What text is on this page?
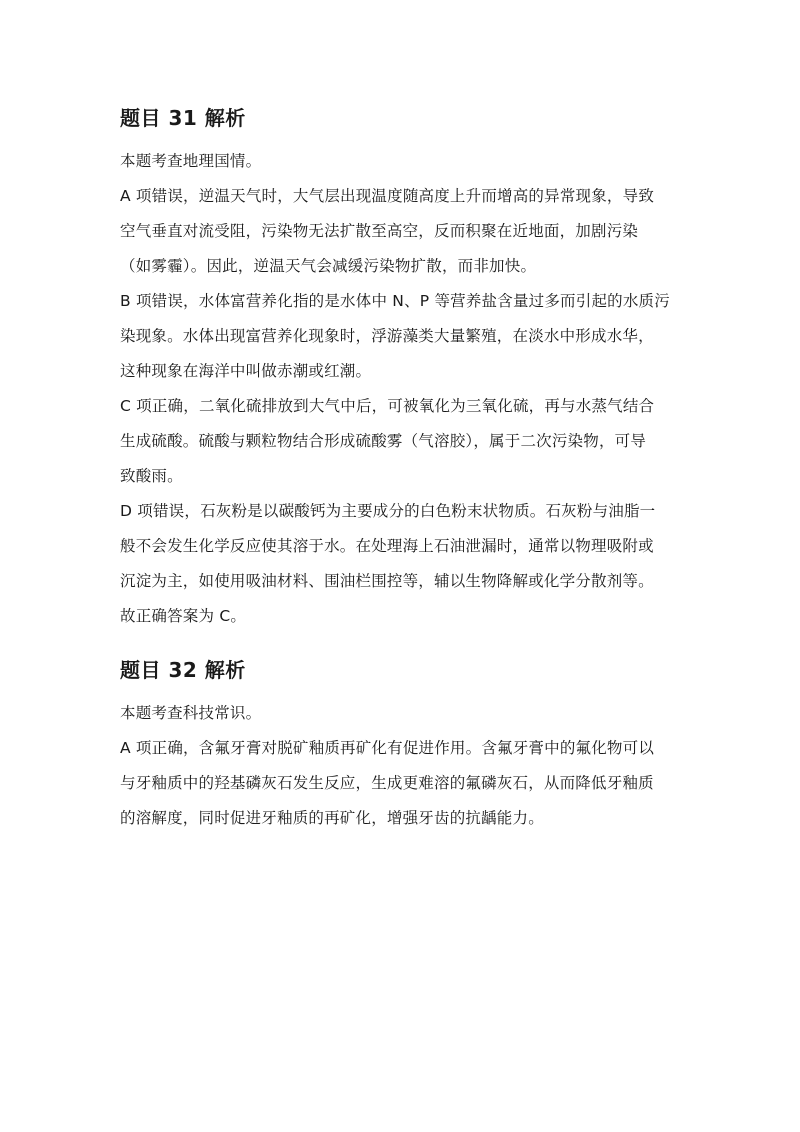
题目 31 解析

本题考查地理国情。

A 项错误，逆温天气时，大气层出现温度随高度上升而增高的异常现象，导致
空气垂直对流受阻，污染物无法扩散至高空，反而积聚在近地面，加剧污染
（如雾霾）。因此，逆温天气会减缓污染物扩散，而非加快。

B 项错误，水体富营养化指的是水体中 N、P 等营养盐含量过多而引起的水质污
染现象。水体出现富营养化现象时，浮游藻类大量繁殖，在淡水中形成水华，
这种现象在海洋中叫做赤潮或红潮。

C 项正确，二氧化硫排放到大气中后，可被氧化为三氧化硫，再与水蒸气结合
生成硫酸。硫酸与颗粒物结合形成硫酸雾（气溶胶），属于二次污染物，可导
致酸雨。

D 项错误，石灰粉是以碳酸钙为主要成分的白色粉末状物质。石灰粉与油脂一
般不会发生化学反应使其溶于水。在处理海上石油泄漏时，通常以物理吸附或
沉淀为主，如使用吸油材料、围油栏围控等，辅以生物降解或化学分散剂等。

故正确答案为 C。

题目 32 解析

本题考查科技常识。

A 项正确，含氟牙膏对脱矿釉质再矿化有促进作用。含氟牙膏中的氟化物可以
与牙釉质中的羟基磷灰石发生反应，生成更难溶的氟磷灰石，从而降低牙釉质
的溶解度，同时促进牙釉质的再矿化，增强牙齿的抗龋能力。
